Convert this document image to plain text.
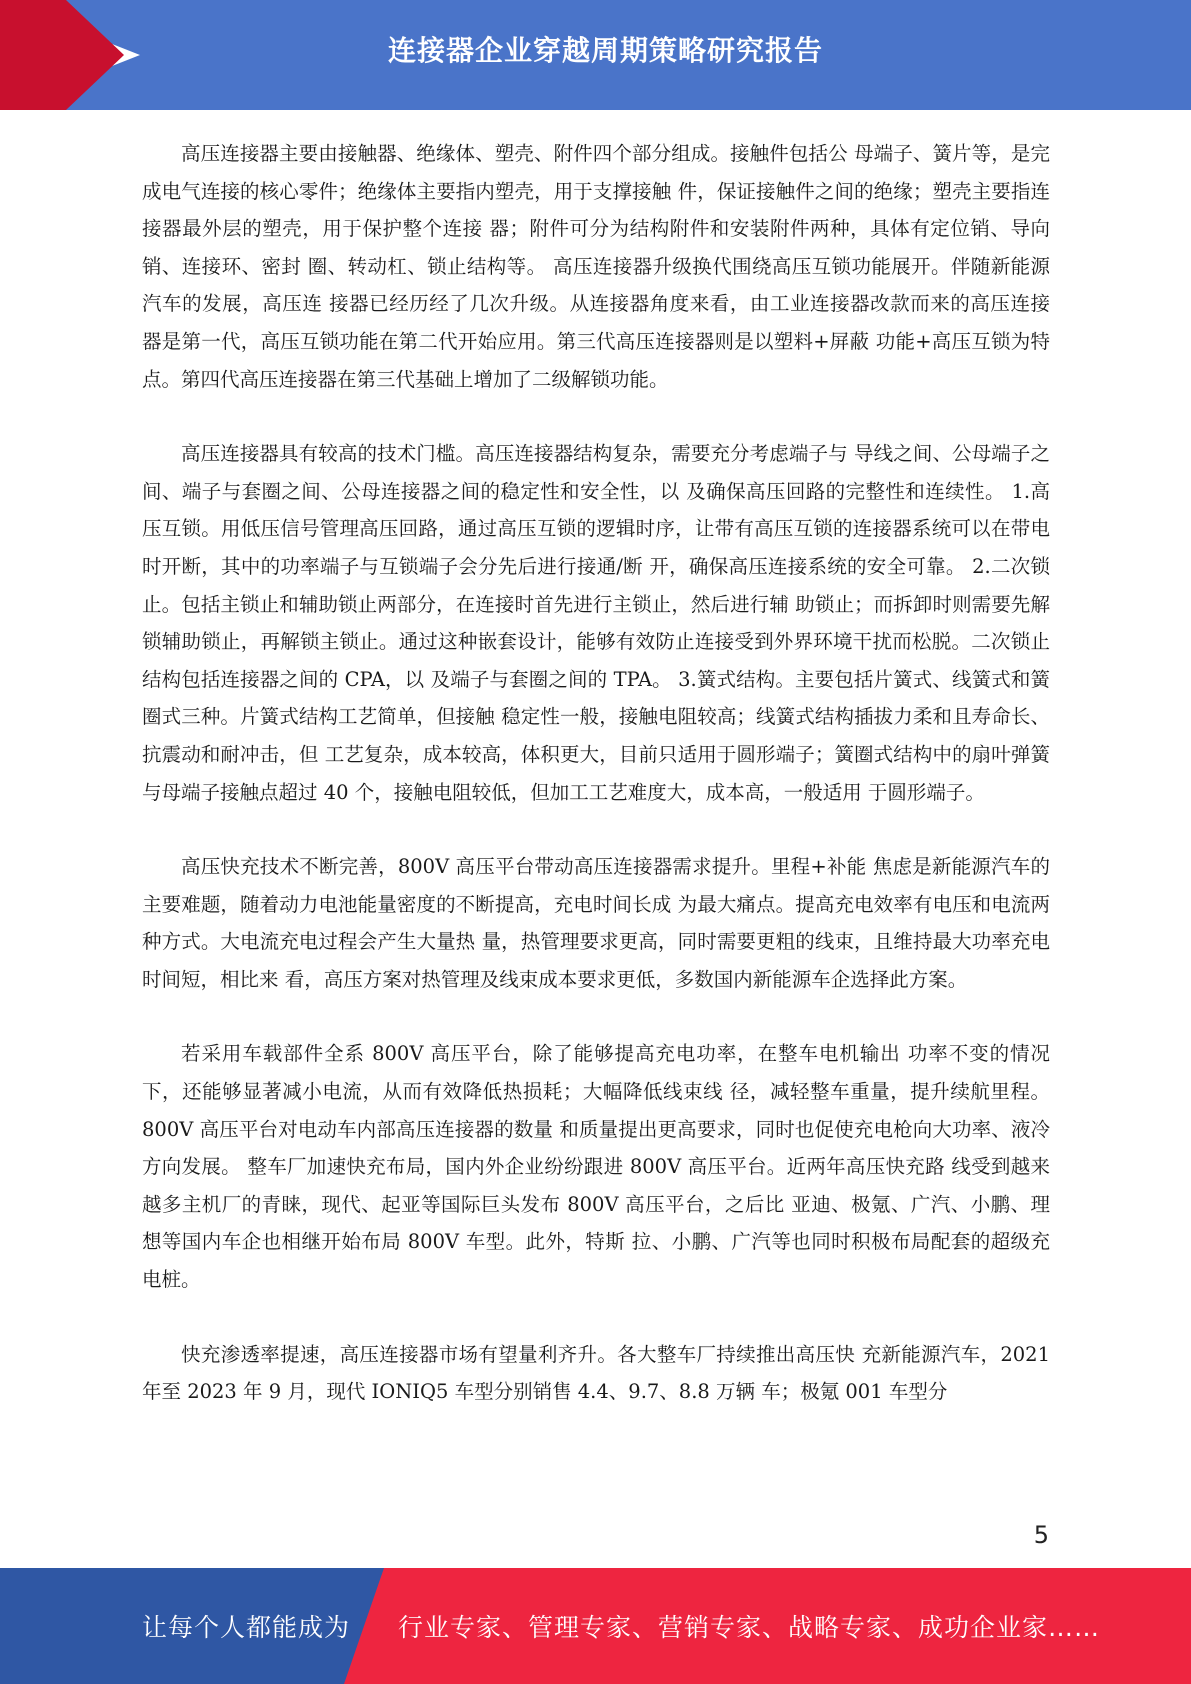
连接器企业穿越周期策略研究报告

高压连接器主要由接触器、绝缘体、塑壳、附件四个部分组成。接触件包括公 母端子、簧片等，是完成电气连接的核心零件；绝缘体主要指内塑壳，用于支撑接触 件，保证接触件之间的绝缘；塑壳主要指连接器最外层的塑壳，用于保护整个连接 器；附件可分为结构附件和安装附件两种，具体有定位销、导向销、连接环、密封 圈、转动杠、锁止结构等。 高压连接器升级换代围绕高压互锁功能展开。伴随新能源汽车的发展，高压连 接器已经历经了几次升级。从连接器角度来看，由工业连接器改款而来的高压连接 器是第一代，高压互锁功能在第二代开始应用。第三代高压连接器则是以塑料+屏蔽 功能+高压互锁为特点。第四代高压连接器在第三代基础上增加了二级解锁功能。

高压连接器具有较高的技术门槛。高压连接器结构复杂，需要充分考虑端子与 导线之间、公母端子之间、端子与套圈之间、公母连接器之间的稳定性和安全性，以 及确保高压回路的完整性和连续性。 1.高压互锁。用低压信号管理高压回路，通过高压互锁的逻辑时序，让带有高压互锁的连接器系统可以在带电时开断，其中的功率端子与互锁端子会分先后进行接通/断 开，确保高压连接系统的安全可靠。 2.二次锁止。包括主锁止和辅助锁止两部分，在连接时首先进行主锁止，然后进行辅 助锁止；而拆卸时则需要先解锁辅助锁止，再解锁主锁止。通过这种嵌套设计，能够有效防止连接受到外界环境干扰而松脱。二次锁止结构包括连接器之间的 CPA，以 及端子与套圈之间的 TPA。 3.簧式结构。主要包括片簧式、线簧式和簧圈式三种。片簧式结构工艺简单，但接触 稳定性一般，接触电阻较高；线簧式结构插拔力柔和且寿命长、抗震动和耐冲击，但 工艺复杂，成本较高，体积更大，目前只适用于圆形端子；簧圈式结构中的扇叶弹簧 与母端子接触点超过 40 个，接触电阻较低，但加工工艺难度大，成本高，一般适用 于圆形端子。

高压快充技术不断完善，800V 高压平台带动高压连接器需求提升。里程+补能 焦虑是新能源汽车的主要难题，随着动力电池能量密度的不断提高，充电时间长成 为最大痛点。提高充电效率有电压和电流两种方式。大电流充电过程会产生大量热 量，热管理要求更高，同时需要更粗的线束，且维持最大功率充电时间短，相比来 看，高压方案对热管理及线束成本要求更低，多数国内新能源车企选择此方案。

若采用车载部件全系 800V 高压平台，除了能够提高充电功率，在整车电机输出 功率不变的情况下，还能够显著减小电流，从而有效降低热损耗；大幅降低线束线 径，减轻整车重量，提升续航里程。800V 高压平台对电动车内部高压连接器的数量 和质量提出更高要求，同时也促使充电枪向大功率、液冷方向发展。 整车厂加速快充布局，国内外企业纷纷跟进 800V 高压平台。近两年高压快充路 线受到越来越多主机厂的青睐，现代、起亚等国际巨头发布 800V 高压平台，之后比 亚迪、极氪、广汽、小鹏、理想等国内车企也相继开始布局 800V 车型。此外，特斯 拉、小鹏、广汽等也同时积极布局配套的超级充电桩。

快充渗透率提速，高压连接器市场有望量利齐升。各大整车厂持续推出高压快 充新能源汽车，2021 年至 2023 年 9 月，现代 IONIQ5 车型分别销售 4.4、9.7、8.8 万辆 车；极氪 001 车型分

5
让每个人都能成为 行业专家、管理专家、营销专家、战略专家、成功企业家……
